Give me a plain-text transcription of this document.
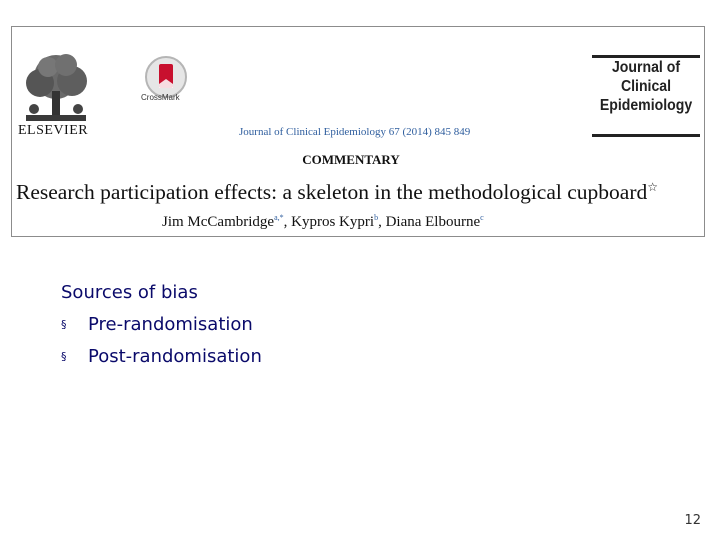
ELSEVIER
CrossMark
Journal of Clinical Epidemiology 67 (2014) 845 849
Journal of
Clinical
Epidemiology
COMMENTARY
Research participation effects: a skeleton in the methodological cupboard☆
Jim McCambridge$^{a,*}$, Kypros Kypri$^b$, Diana Elbourne$^c$
Sources of bias
§	Pre-randomisation
§	Post-randomisation
12
